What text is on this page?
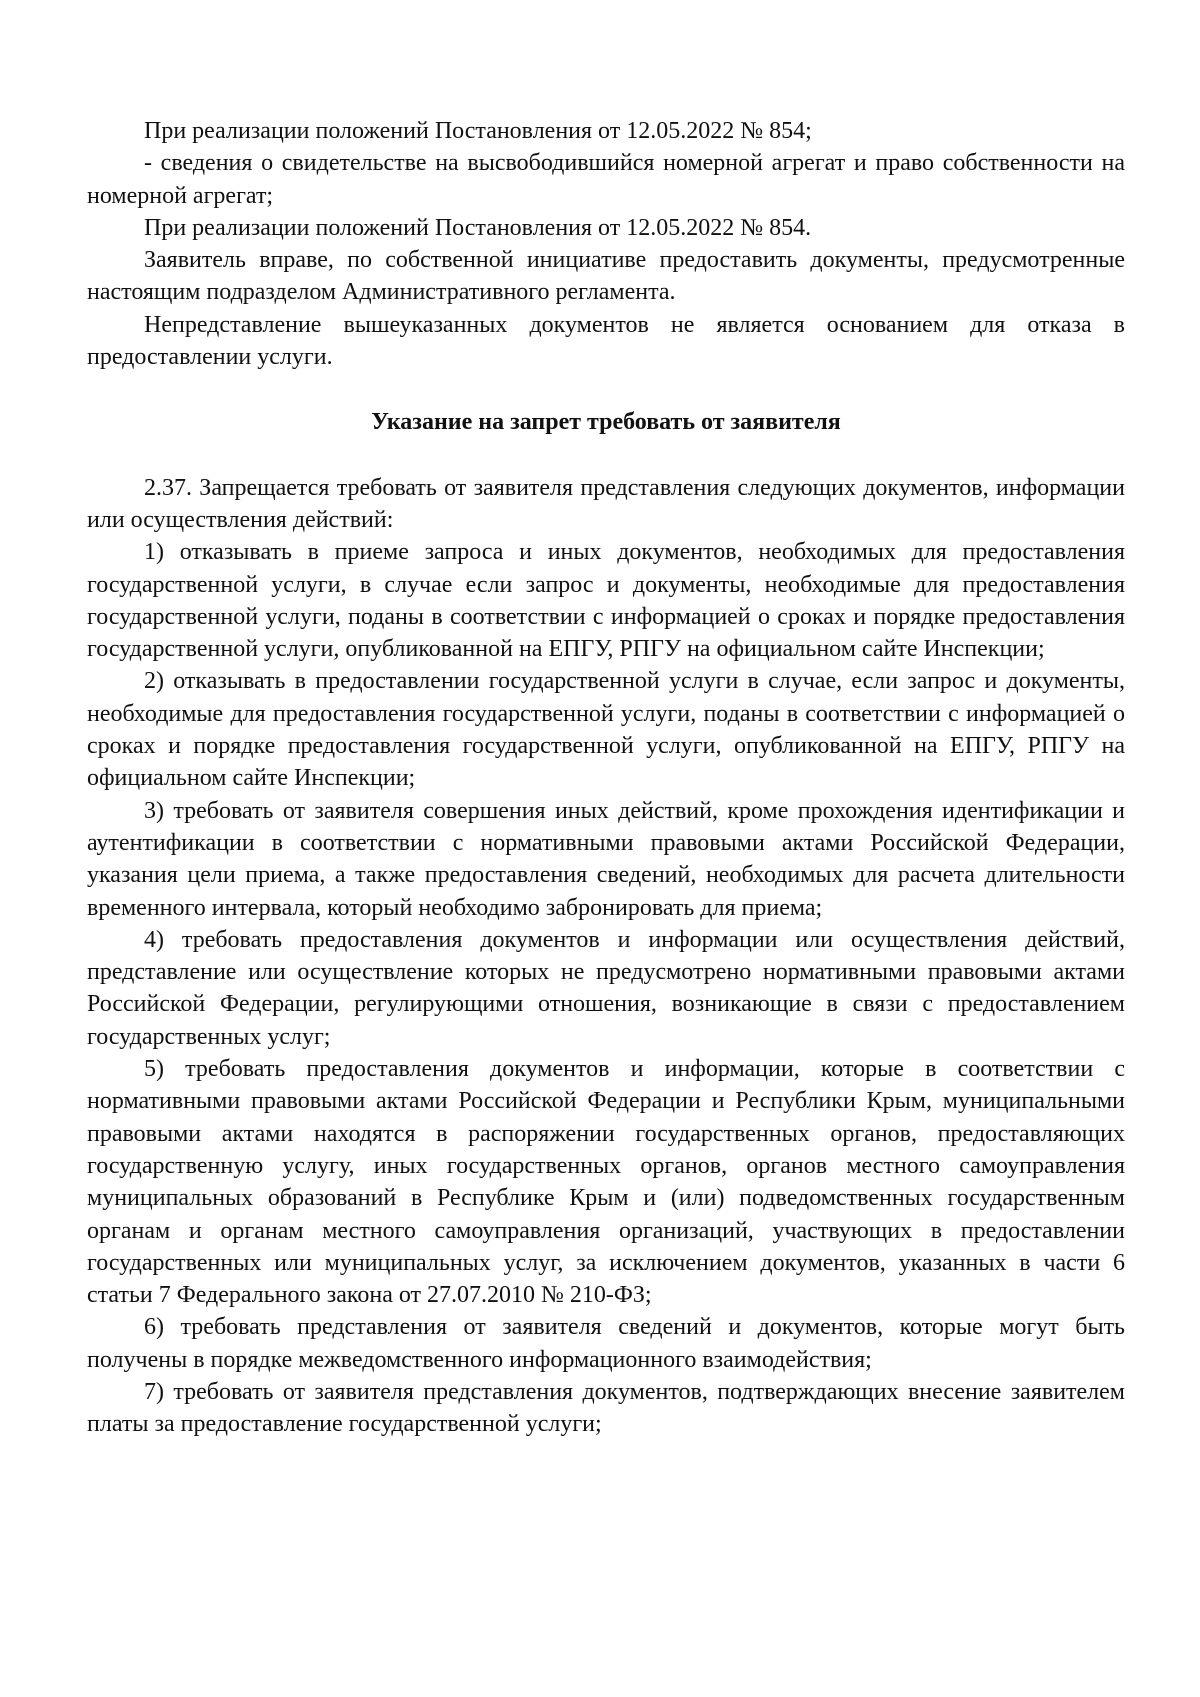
При реализации положений Постановления от 12.05.2022 № 854;

- сведения о свидетельстве на высвободившийся номерной агрегат и право собственности на номерной агрегат;

При реализации положений Постановления от 12.05.2022 № 854.

Заявитель вправе, по собственной инициативе предоставить документы, предусмотренные настоящим подразделом Административного регламента.

Непредставление вышеуказанных документов не является основанием для отказа в предоставлении услуги.

Указание на запрет требовать от заявителя

2.37. Запрещается требовать от заявителя представления следующих документов, информации или осуществления действий:

1) отказывать в приеме запроса и иных документов, необходимых для предоставления государственной услуги, в случае если запрос и документы, необходимые для предоставления государственной услуги, поданы в соответствии с информацией о сроках и порядке предоставления государственной услуги, опубликованной на ЕПГУ, РПГУ на официальном сайте Инспекции;

2) отказывать в предоставлении государственной услуги в случае, если запрос и документы, необходимые для предоставления государственной услуги, поданы в соответствии с информацией о сроках и порядке предоставления государственной услуги, опубликованной на ЕПГУ, РПГУ на официальном сайте Инспекции;

3) требовать от заявителя совершения иных действий, кроме прохождения идентификации и аутентификации в соответствии с нормативными правовыми актами Российской Федерации, указания цели приема, а также предоставления сведений, необходимых для расчета длительности временного интервала, который необходимо забронировать для приема;

4) требовать предоставления документов и информации или осуществления действий, представление или осуществление которых не предусмотрено нормативными правовыми актами Российской Федерации, регулирующими отношения, возникающие в связи с предоставлением государственных услуг;

5) требовать предоставления документов и информации, которые в соответствии с нормативными правовыми актами Российской Федерации и Республики Крым, муниципальными правовыми актами находятся в распоряжении государственных органов, предоставляющих государственную услугу, иных государственных органов, органов местного самоуправления муниципальных образований в Республике Крым и (или) подведомственных государственным органам и органам местного самоуправления организаций, участвующих в предоставлении государственных или муниципальных услуг, за исключением документов, указанных в части 6 статьи 7 Федерального закона от 27.07.2010 № 210-ФЗ;

6) требовать представления от заявителя сведений и документов, которые могут быть получены в порядке межведомственного информационного взаимодействия;

7) требовать от заявителя представления документов, подтверждающих внесение заявителем платы за предоставление государственной услуги;
